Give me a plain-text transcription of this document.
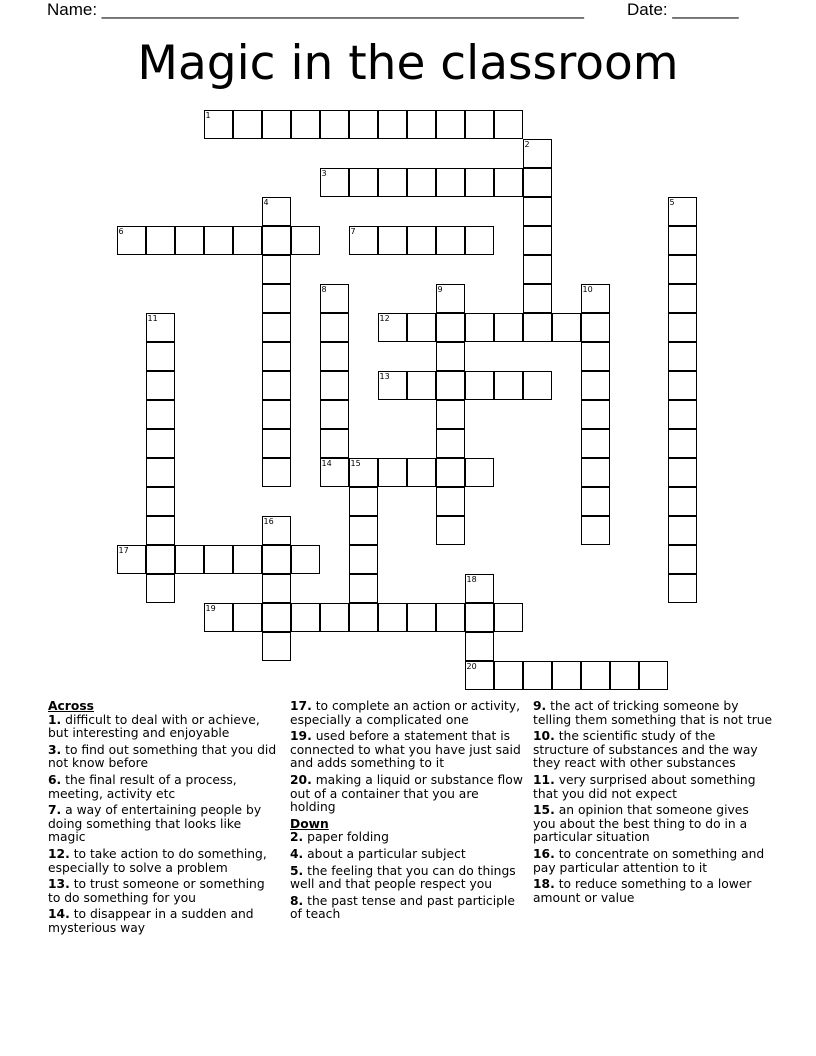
Name: ___________________________________________________	Date: _______
Magic in the classroom
1
2
3
4	5
6	7
8	9	10
11	12
13
14 15
16
17
18
20
19
Across
1. difficult to deal with or achieve, but interesting and enjoyable
3. to find out something that you did not know before
6. the final result of a process, meeting, activity etc
7. a way of entertaining people by doing something that looks like magic
12. to take action to do something, especially to solve a problem
13. to trust someone or something to do something for you
14. to disappear in a sudden and mysterious way
17. to complete an action or activity, especially a complicated one
19. used before a statement that is connected to what you have just said and adds something to it
20. making a liquid or substance flow out of a container that you are holding
Down
2. paper folding
4. about a particular subject
5. the feeling that you can do things well and that people respect you
8. the past tense and past participle of teach
9. the act of tricking someone by telling them something that is not true
10. the scientific study of the structure of substances and the way they react with other substances
11. very surprised about something that you did not expect
15. an opinion that someone gives you about the best thing to do in a particular situation
16. to concentrate on something and pay particular attention to it
18. to reduce something to a lower amount or value
